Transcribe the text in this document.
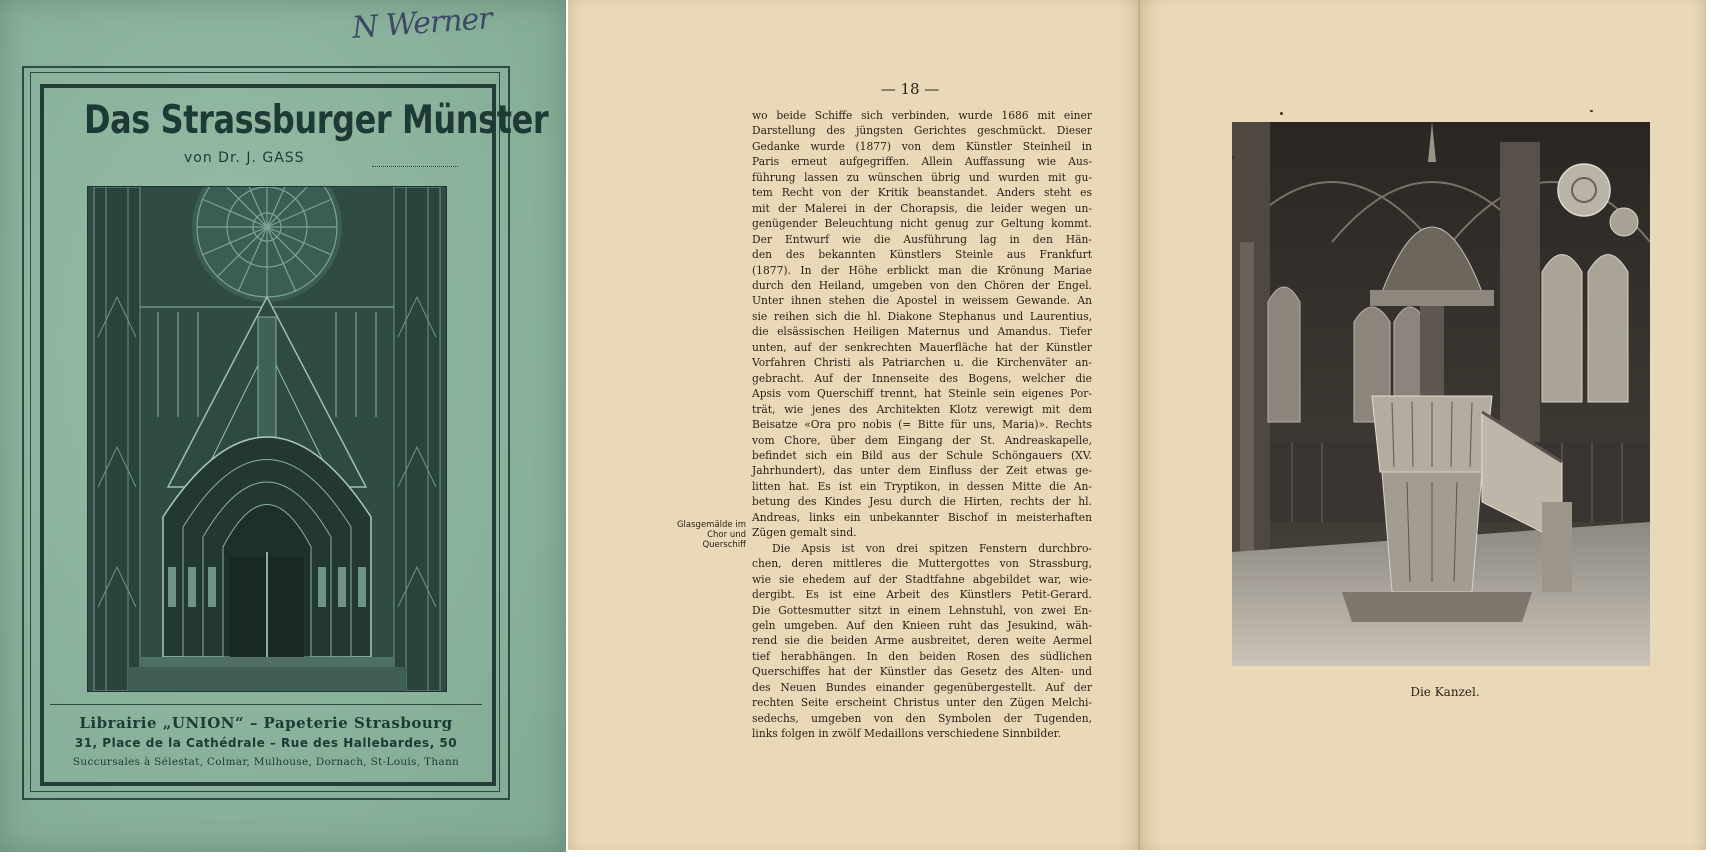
N Werner
Das Strassburger Münster
von Dr. J. GASS
Librairie „UNION“ – Papeterie Strasbourg
31, Place de la Cathédrale – Rue des Hallebardes, 50
Succursales à Sélestat, Colmar, Mulhouse, Dornach, St-Louis, Thann
— 18 —

wo beide Schiffe sich verbinden, wurde 1686 mit einer
Darstellung des jüngsten Gerichtes geschmückt. Dieser
Gedanke wurde (1877) von dem Künstler Steinheil in
Paris erneut aufgegriffen. Allein Auffassung wie Aus-
führung lassen zu wünschen übrig und wurden mit gu-
tem Recht von der Kritik beanstandet. Anders steht es
mit der Malerei in der Chorapsis, die leider wegen un-
genügender Beleuchtung nicht genug zur Geltung kommt.
Der Entwurf wie die Ausführung lag in den Hän-
den des bekannten Künstlers Steinle aus Frankfurt
(1877). In der Höhe erblickt man die Krönung Mariae
durch den Heiland, umgeben von den Chören der Engel.
Unter ihnen stehen die Apostel in weissem Gewande. An
sie reihen sich die hl. Diakone Stephanus und Laurentius,
die elsässischen Heiligen Maternus und Amandus. Tiefer
unten, auf der senkrechten Mauerfläche hat der Künstler
Vorfahren Christi als Patriarchen u. die Kirchenväter an-
gebracht. Auf der Innenseite des Bogens, welcher die
Apsis vom Querschiff trennt, hat Steinle sein eigenes Por-
trät, wie jenes des Architekten Klotz verewigt mit dem
Beisatze «Ora pro nobis (= Bitte für uns, Maria)». Rechts
vom Chore, über dem Eingang der St. Andreaskapelle,
befindet sich ein Bild aus der Schule Schöngauers (XV.
Jahrhundert), das unter dem Einfluss der Zeit etwas ge-
litten hat. Es ist ein Tryptikon, in dessen Mitte die An-
betung des Kindes Jesu durch die Hirten, rechts der hl.
Andreas, links ein unbekannter Bischof in meisterhaften
Zügen gemalt sind.

Die Apsis ist von drei spitzen Fenstern durchbro-
chen, deren mittleres die Muttergottes von Strassburg,
wie sie ehedem auf der Stadtfahne abgebildet war, wie-
dergibt. Es ist eine Arbeit des Künstlers Petit-Gerard.
Die Gottesmutter sitzt in einem Lehnstuhl, von zwei En-
geln umgeben. Auf den Knieen ruht das Jesukind, wäh-
rend sie die beiden Arme ausbreitet, deren weite Aermel
tief herabhängen. In den beiden Rosen des südlichen
Querschiffes hat der Künstler das Gesetz des Alten- und
des Neuen Bundes einander gegenübergestellt. Auf der
rechten Seite erscheint Christus unter den Zügen Melchi-
sedechs, umgeben von den Symbolen der Tugenden,
links folgen in zwölf Medaillons verschiedene Sinnbilder.

Glasgemälde im Chor und Querschiff
Die Kanzel.
